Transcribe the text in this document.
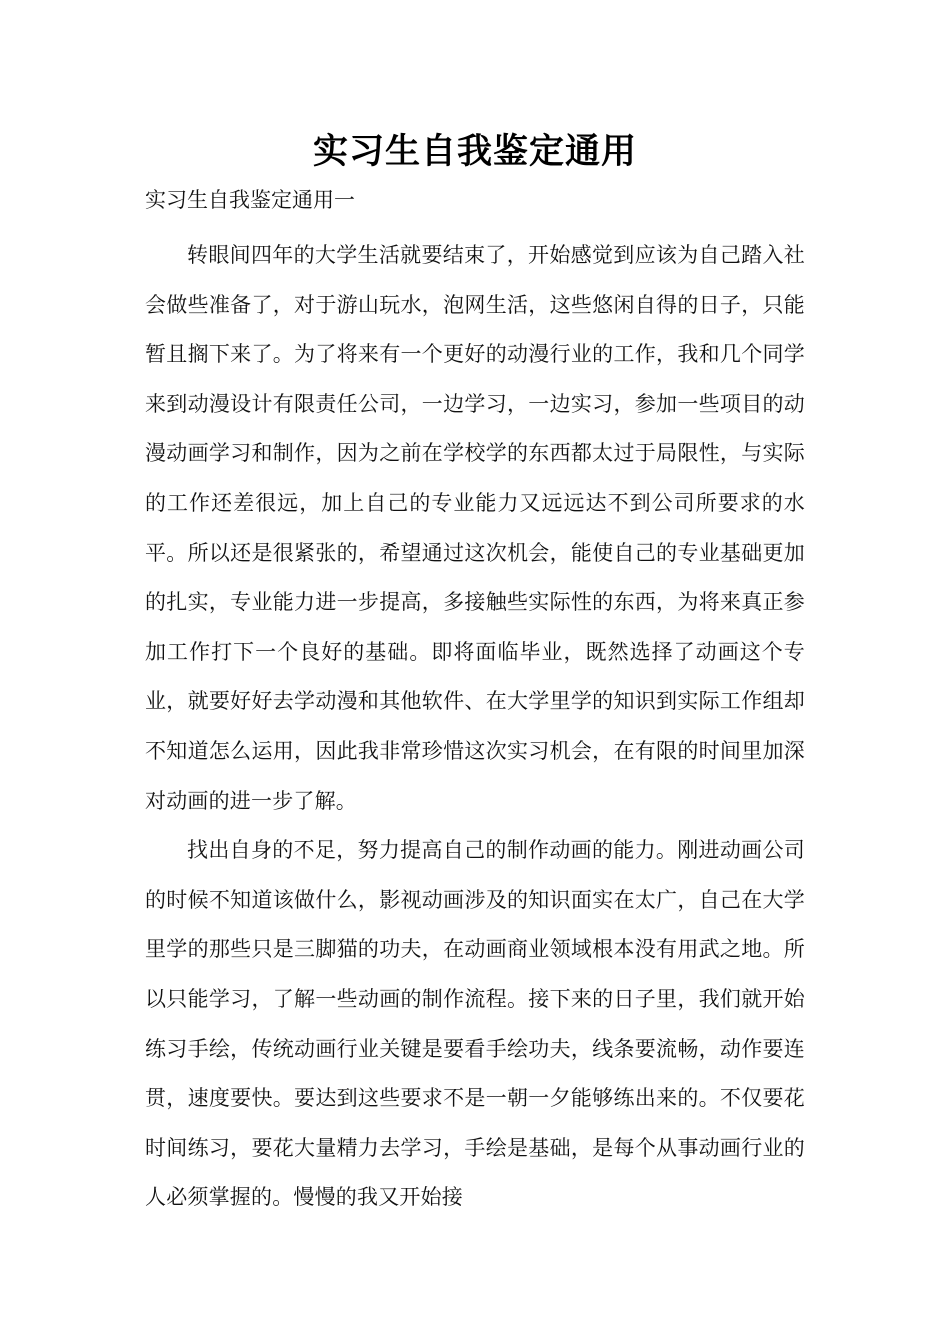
实习生自我鉴定通用

实习生自我鉴定通用一

转眼间四年的大学生活就要结束了，开始感觉到应该为自己踏入社会做些准备了，对于游山玩水，泡网生活，这些悠闲自得的日子，只能暂且搁下来了。为了将来有一个更好的动漫行业的工作，我和几个同学来到动漫设计有限责任公司，一边学习，一边实习，参加一些项目的动漫动画学习和制作，因为之前在学校学的东西都太过于局限性，与实际的工作还差很远，加上自己的专业能力又远远达不到公司所要求的水平。所以还是很紧张的，希望通过这次机会，能使自己的专业基础更加的扎实，专业能力进一步提高，多接触些实际性的东西，为将来真正参加工作打下一个良好的基础。即将面临毕业，既然选择了动画这个专业，就要好好去学动漫和其他软件、在大学里学的知识到实际工作组却不知道怎么运用，因此我非常珍惜这次实习机会，在有限的时间里加深对动画的进一步了解。

找出自身的不足，努力提高自己的制作动画的能力。刚进动画公司的时候不知道该做什么，影视动画涉及的知识面实在太广，自己在大学里学的那些只是三脚猫的功夫，在动画商业领域根本没有用武之地。所以只能学习，了解一些动画的制作流程。接下来的日子里，我们就开始练习手绘，传统动画行业关键是要看手绘功夫，线条要流畅，动作要连贯，速度要快。要达到这些要求不是一朝一夕能够练出来的。不仅要花时间练习，要花大量精力去学习，手绘是基础，是每个从事动画行业的人必须掌握的。慢慢的我又开始接
